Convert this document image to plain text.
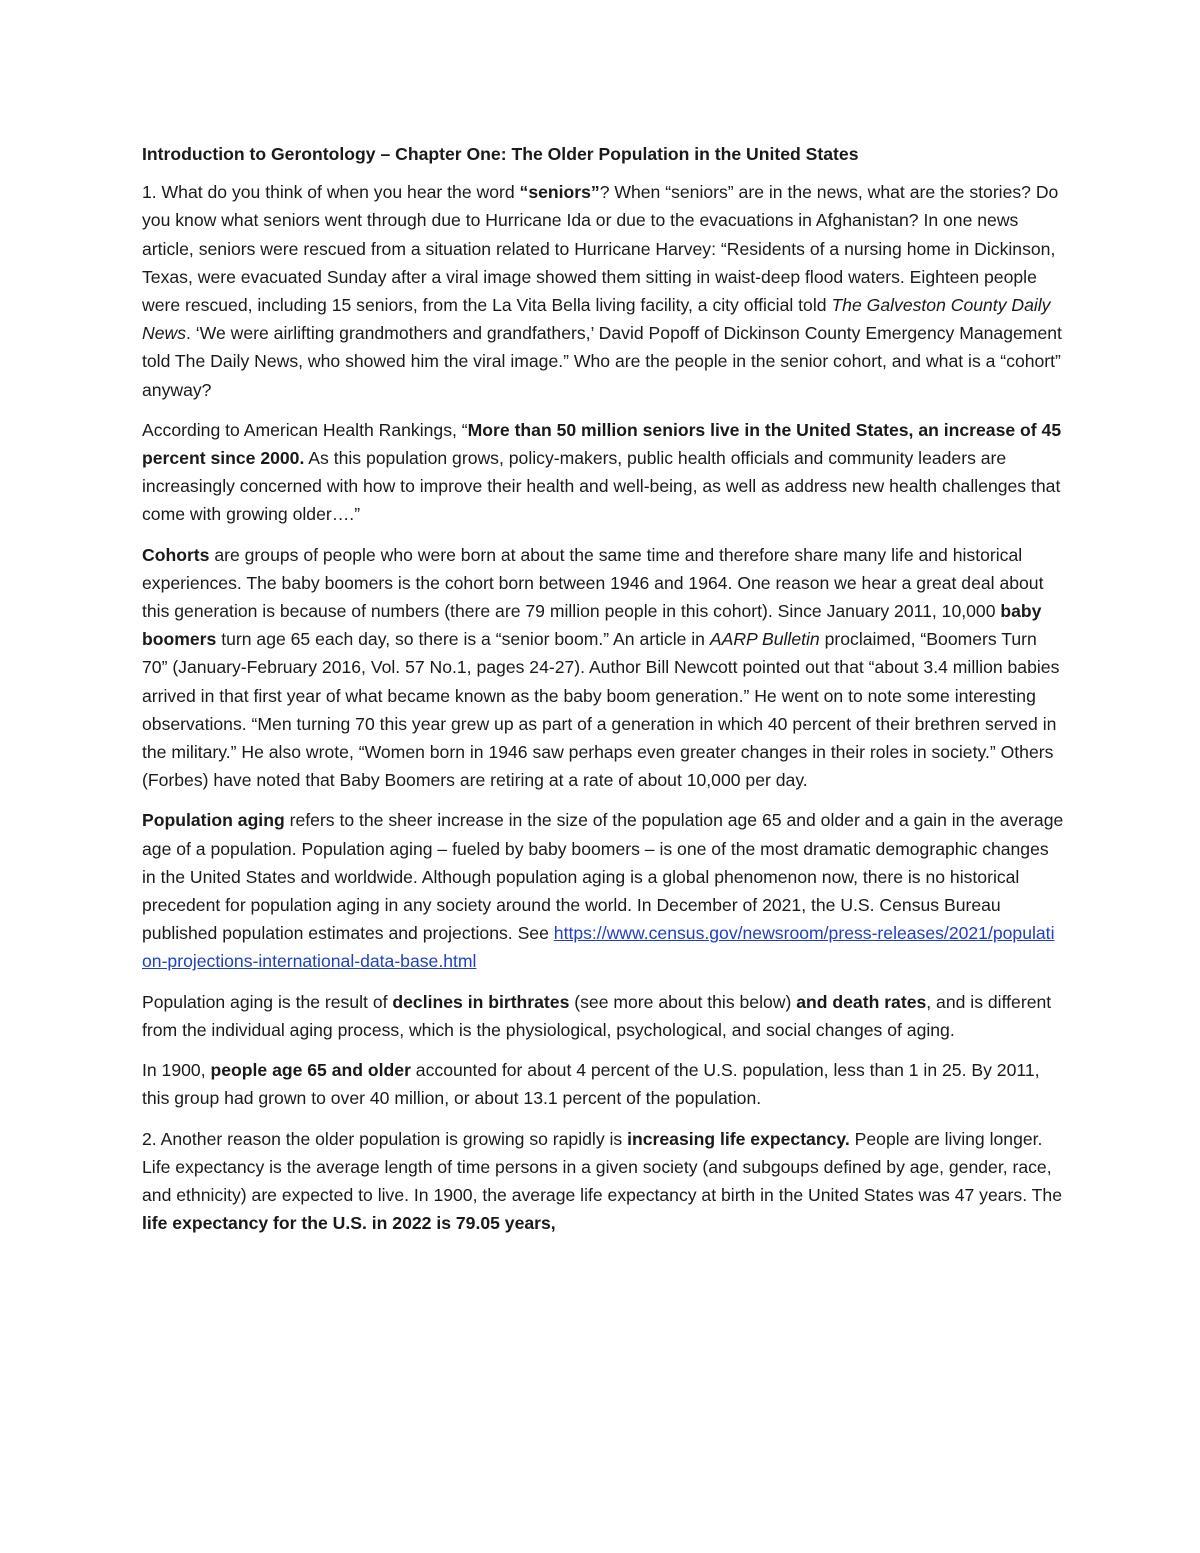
Introduction to Gerontology – Chapter One: The Older Population in the United States

1. What do you think of when you hear the word “seniors”? When “seniors” are in the news, what are the stories? Do you know what seniors went through due to Hurricane Ida or due to the evacuations in Afghanistan? In one news article, seniors were rescued from a situation related to Hurricane Harvey: “Residents of a nursing home in Dickinson, Texas, were evacuated Sunday after a viral image showed them sitting in waist-deep flood waters. Eighteen people were rescued, including 15 seniors, from the La Vita Bella living facility, a city official told The Galveston County Daily News. ‘We were airlifting grandmothers and grandfathers,’ David Popoff of Dickinson County Emergency Management told The Daily News, who showed him the viral image.” Who are the people in the senior cohort, and what is a “cohort” anyway?

According to American Health Rankings, “More than 50 million seniors live in the United States, an increase of 45 percent since 2000. As this population grows, policy-makers, public health officials and community leaders are increasingly concerned with how to improve their health and well-being, as well as address new health challenges that come with growing older….”

Cohorts are groups of people who were born at about the same time and therefore share many life and historical experiences. The baby boomers is the cohort born between 1946 and 1964. One reason we hear a great deal about this generation is because of numbers (there are 79 million people in this cohort). Since January 2011, 10,000 baby boomers turn age 65 each day, so there is a “senior boom.” An article in AARP Bulletin proclaimed, “Boomers Turn 70” (January-February 2016, Vol. 57 No.1, pages 24-27). Author Bill Newcott pointed out that “about 3.4 million babies arrived in that first year of what became known as the baby boom generation.” He went on to note some interesting observations. “Men turning 70 this year grew up as part of a generation in which 40 percent of their brethren served in the military.” He also wrote, “Women born in 1946 saw perhaps even greater changes in their roles in society.” Others (Forbes) have noted that Baby Boomers are retiring at a rate of about 10,000 per day.

Population aging refers to the sheer increase in the size of the population age 65 and older and a gain in the average age of a population. Population aging – fueled by baby boomers – is one of the most dramatic demographic changes in the United States and worldwide. Although population aging is a global phenomenon now, there is no historical precedent for population aging in any society around the world. In December of 2021, the U.S. Census Bureau published population estimates and projections. See https://www.census.gov/newsroom/press-releases/2021/population-projections-international-data-base.html

Population aging is the result of declines in birthrates (see more about this below) and death rates, and is different from the individual aging process, which is the physiological, psychological, and social changes of aging.

In 1900, people age 65 and older accounted for about 4 percent of the U.S. population, less than 1 in 25. By 2011, this group had grown to over 40 million, or about 13.1 percent of the population.

2. Another reason the older population is growing so rapidly is increasing life expectancy. People are living longer. Life expectancy is the average length of time persons in a given society (and subgoups defined by age, gender, race, and ethnicity) are expected to live. In 1900, the average life expectancy at birth in the United States was 47 years. The life expectancy for the U.S. in 2022 is 79.05 years,
